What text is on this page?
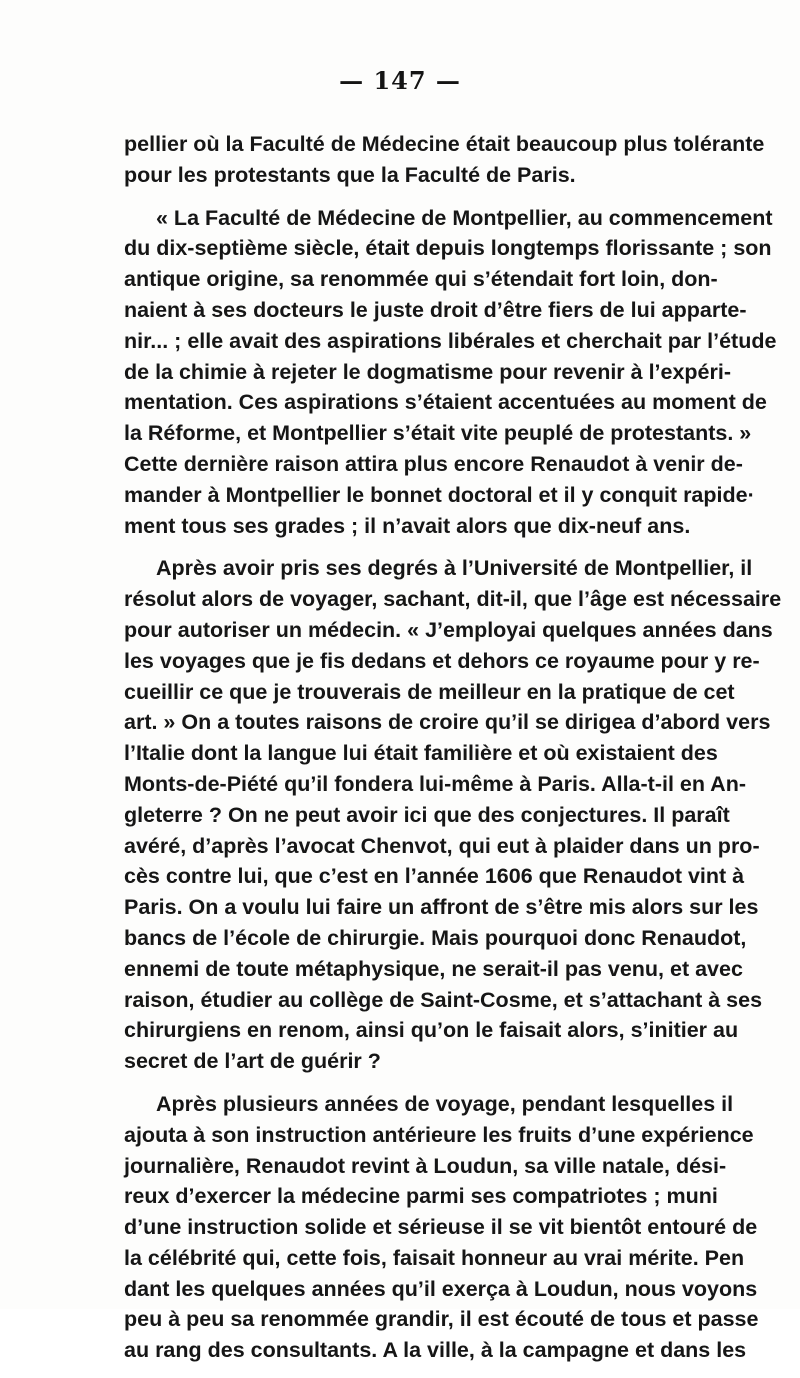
— 147 —
pellier où la Faculté de Médecine était beaucoup plus tolérante
pour les protestants que la Faculté de Paris.
« La Faculté de Médecine de Montpellier, au commencement
du dix-septième siècle, était depuis longtemps florissante ; son
antique origine, sa renommée qui s’étendait fort loin, don-
naient à ses docteurs le juste droit d’être fiers de lui apparte-
nir... ; elle avait des aspirations libérales et cherchait par l’étude
de la chimie à rejeter le dogmatisme pour revenir à l’expéri-
mentation. Ces aspirations s’étaient accentuées au moment de
la Réforme, et Montpellier s’était vite peuplé de protestants. »
Cette dernière raison attira plus encore Renaudot à venir de-
mander à Montpellier le bonnet doctoral et il y conquit rapide·
ment tous ses grades ; il n’avait alors que dix-neuf ans.
Après avoir pris ses degrés à l’Université de Montpellier, il
résolut alors de voyager, sachant, dit-il, que l’âge est nécessaire
pour autoriser un médecin. « J’employai quelques années dans
les voyages que je fis dedans et dehors ce royaume pour y re-
cueillir ce que je trouverais de meilleur en la pratique de cet
art. » On a toutes raisons de croire qu’il se dirigea d’abord vers
l’Italie dont la langue lui était familière et où existaient des
Monts-de-Piété qu’il fondera lui-même à Paris. Alla-t-il en An-
gleterre ? On ne peut avoir ici que des conjectures. Il paraît
avéré, d’après l’avocat Chenvot, qui eut à plaider dans un pro-
cès contre lui, que c’est en l’année 1606 que Renaudot vint à
Paris. On a voulu lui faire un affront de s’être mis alors sur les
bancs de l’école de chirurgie. Mais pourquoi donc Renaudot,
ennemi de toute métaphysique, ne serait-il pas venu, et avec
raison, étudier au collège de Saint-Cosme, et s’attachant à ses
chirurgiens en renom, ainsi qu’on le faisait alors, s’initier au
secret de l’art de guérir ?
Après plusieurs années de voyage, pendant lesquelles il
ajouta à son instruction antérieure les fruits d’une expérience
journalière, Renaudot revint à Loudun, sa ville natale, dési-
reux d’exercer la médecine parmi ses compatriotes ; muni
d’une instruction solide et sérieuse il se vit bientôt entouré de
la célébrité qui, cette fois, faisait honneur au vrai mérite. Pen
dant les quelques années qu’il exerça à Loudun, nous voyons
peu à peu sa renommée grandir, il est écouté de tous et passe
au rang des consultants. A la ville, à la campagne et dans les
